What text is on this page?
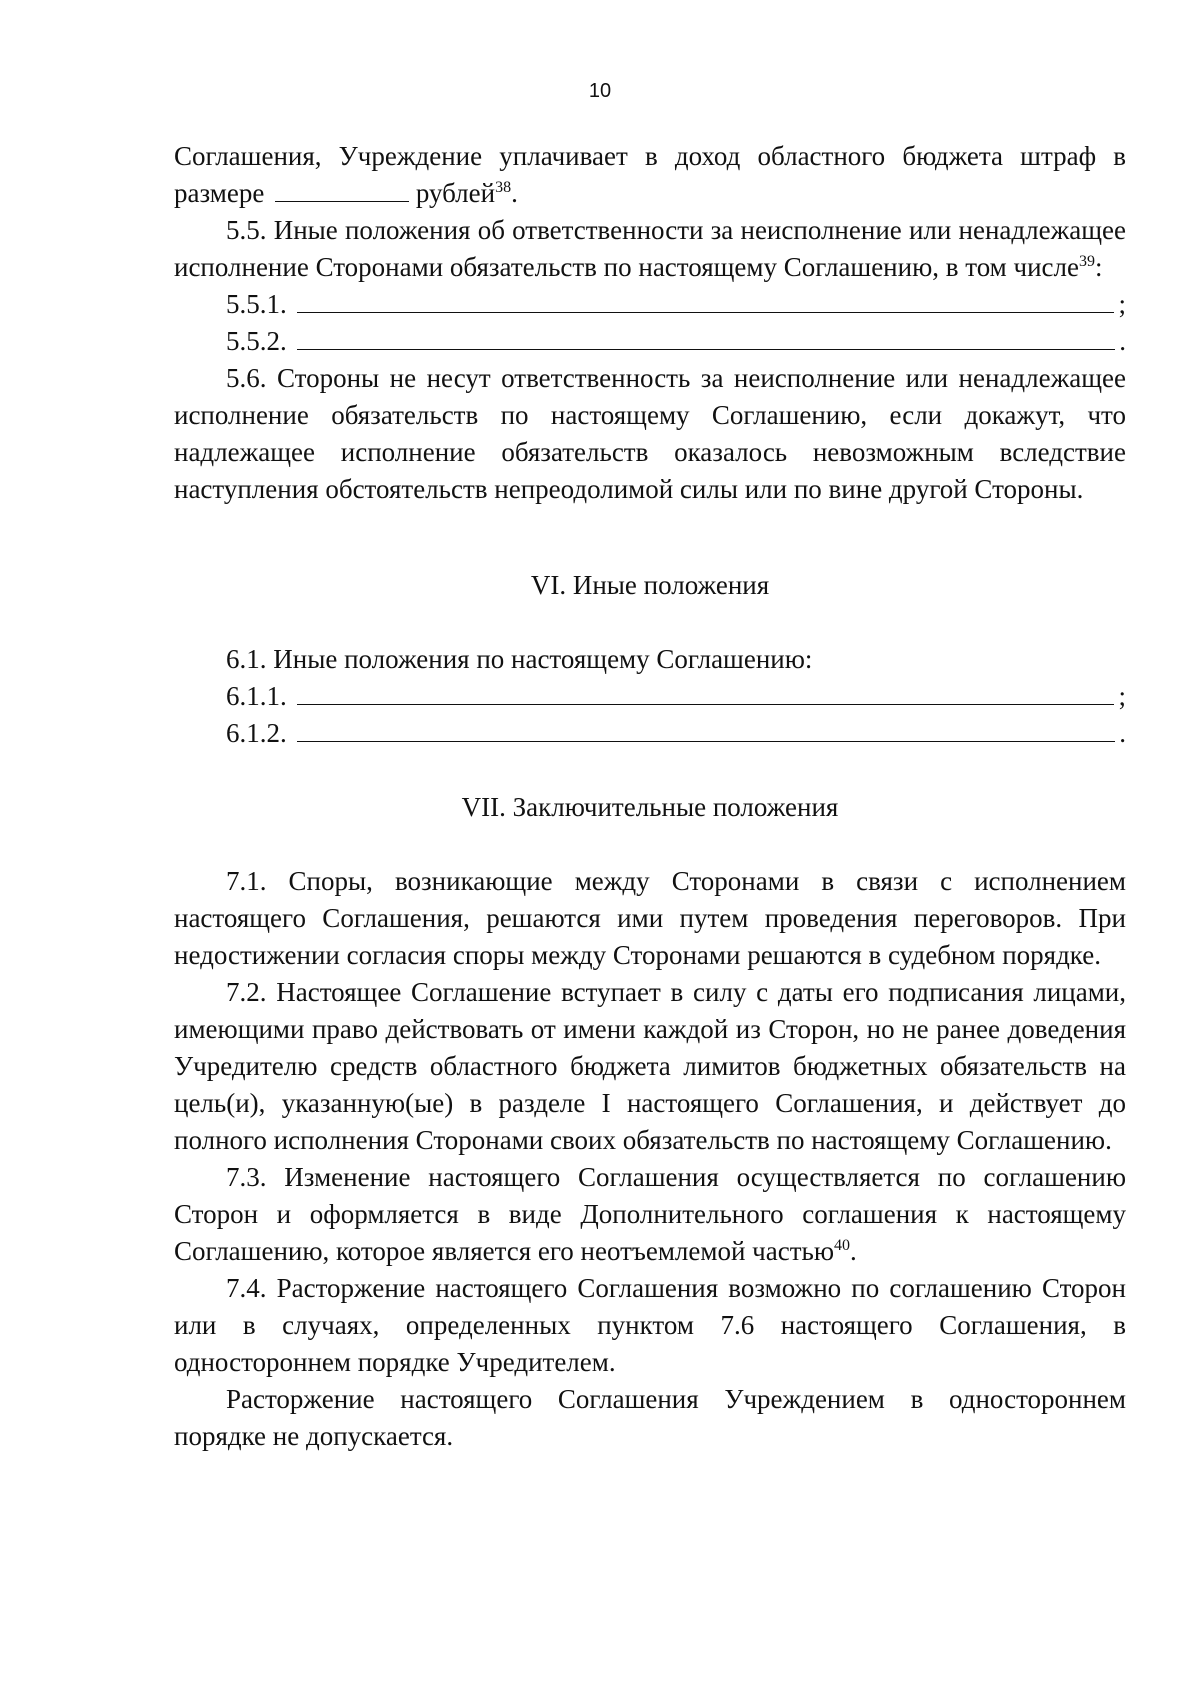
10

Соглашения, Учреждение уплачивает в доход областного бюджета штраф в размере	рублей$^{38}$.

5.5. Иные положения об ответственности за неисполнение или ненадлежащее исполнение Сторонами обязательств по настоящему Соглашению, в том числе$^{39}$:

5.5.1.	;
5.5.2.	.

5.6. Стороны не несут ответственность за неисполнение или ненадлежащее исполнение обязательств по настоящему Соглашению, если докажут, что надлежащее исполнение обязательств оказалось невозможным вследствие наступления обстоятельств непреодолимой силы или по вине другой Стороны.

VI. Иные положения

6.1. Иные положения по настоящему Соглашению:

6.1.1.	;
6.1.2.	.
VII. Заключительные положения

7.1. Споры, возникающие между Сторонами в связи с исполнением настоящего Соглашения, решаются ими путем проведения переговоров. При недостижении согласия споры между Сторонами решаются в судебном порядке.

7.2. Настоящее Соглашение вступает в силу с даты его подписания лицами, имеющими право действовать от имени каждой из Сторон, но не ранее доведения Учредителю средств областного бюджета лимитов бюджетных обязательств на цель(и), указанную(ые) в разделе I настоящего Соглашения, и действует до полного исполнения Сторонами своих обязательств по настоящему Соглашению.

7.3. Изменение настоящего Соглашения осуществляется по соглашению Сторон и оформляется в виде Дополнительного соглашения к настоящему Соглашению, которое является его неотъемлемой частью$^{40}$.

7.4. Расторжение настоящего Соглашения возможно по соглашению Сторон или в случаях, определенных пунктом 7.6 настоящего Соглашения, в одностороннем порядке Учредителем.

Расторжение настоящего Соглашения Учреждением в одностороннем порядке не допускается.
